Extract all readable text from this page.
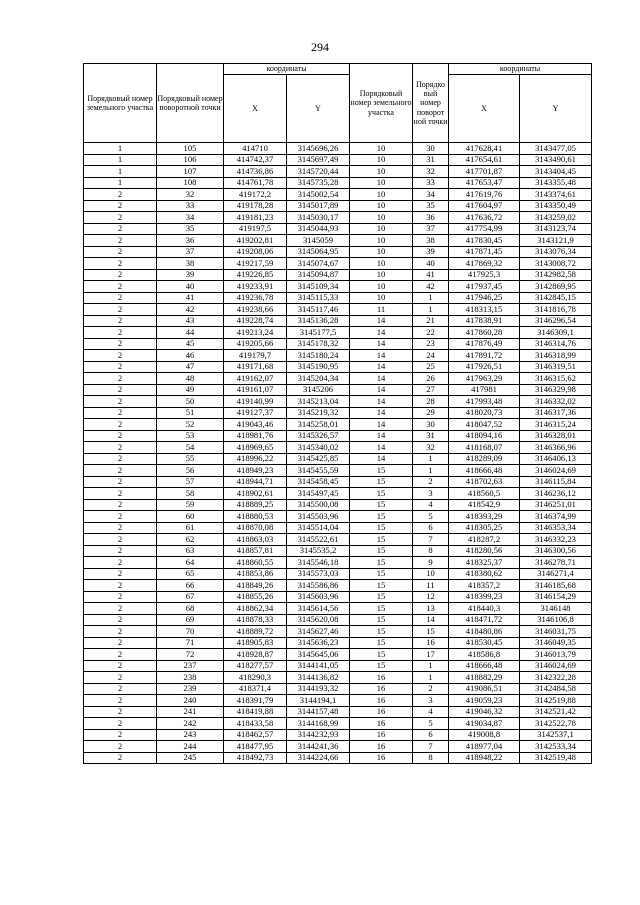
294
Порядковый номер земельного участка	Порядковый номер поворотной точки	координаты		Порядковый номер земельного участка	Порядко вый номер поворот ной точки	координаты	
		X	Y			X	Y
1	105	414710	3145696,26	10	30	417628,41	3143477,05
1	106	414742,37	3145697,49	10	31	417654,61	3143490,61
1	107	414736,86	3145720,44	10	32	417701,87	3143404,45
1	108	414761,78	3145735,28	10	33	417653,47	3143355,48
2	32	419172,2	3145002,54	10	34	417619,76	3143374,61
2	33	419178,28	3145017,89	10	35	417604,97	3143350,49
2	34	419181,23	3145030,17	10	36	417636,72	3143259,02
2	35	419197,5	3145044,93	10	37	417754,99	3143123,74
2	36	419202,81	3145059	10	38	417830,45	3143121,9
2	37	419208,06	3145064,95	10	39	417871,45	3143076,34
2	38	419217,59	3145074,67	10	40	417869,32	3143008,72
2	39	419226,85	3145094,87	10	41	417925,3	3142982,58
2	40	419233,91	3145109,34	10	42	417937,45	3142869,95
2	41	419236,78	3145115,33	10	1	417946,25	3142845,15
2	42	419238,66	3145117,46	11	1	418313,15	3141816,78
2	43	419228,74	3145136,28	14	21	417838,91	3146296,54
2	44	419213,24	3145177,5	14	22	417860,28	3146309,1
2	45	419205,66	3145178,32	14	23	417876,49	3146314,76
2	46	419179,7	3145180,24	14	24	417891,72	3146318,99
2	47	419171,68	3145190,95	14	25	417926,51	3146319,51
2	48	419162,07	3145204,34	14	26	417963,29	3146315,62
2	49	419161,07	3145206	14	27	417981	3146329,98
2	50	419140,99	3145213,04	14	28	417993,48	3146332,02
2	51	419127,37	3145219,32	14	29	418020,73	3146317,36
2	52	419043,46	3145258,01	14	30	418047,52	3146315,24
2	53	418981,76	3145326,57	14	31	418094,16	3146328,01
2	54	418969,65	3145340,02	14	32	418168,07	3146366,96
2	55	418996,22	3145425,85	14	1	418289,09	3146406,13
2	56	418949,23	3145455,59	15	1	418666,48	3146024,69
2	57	418944,71	3145458,45	15	2	418702,63	3146115,84
2	58	418902,61	3145497,45	15	3	418560,5	3146236,12
2	59	418889,25	3145500,08	15	4	418542,9	3146251,01
2	60	418880,53	3145503,96	15	5	418393,29	3146374,99
2	61	418870,08	3145514,04	15	6	418305,25	3146353,34
2	62	418863,03	3145522,61	15	7	418287,2	3146332,23
2	63	418857,81	3145535,2	15	8	418280,56	3146300,56
2	64	418860,55	3145546,18	15	9	418325,37	3146278,71
2	65	418853,86	3145573,03	15	10	418380,62	3146271,4
2	66	418849,26	3145586,86	15	11	418357,2	3146185,68
2	67	418855,26	3145603,96	15	12	418399,23	3146154,29
2	68	418862,34	3145614,56	15	13	418440,3	3146148
2	69	418878,33	3145620,08	15	14	418471,72	3146106,8
2	70	418889,72	3145627,46	15	15	418480,86	3146031,75
2	71	418905,83	3145636,23	15	16	418530,45	3146049,35
2	72	418928,87	3145645,06	15	17	418586,8	3146013,79
2	237	418277,57	3144141,05	15	1	418666,48	3146024,69
2	238	418290,3	3144136,82	16	1	418882,29	3142322,28
2	239	418371,4	3144193,32	16	2	419086,51	3142484,58
2	240	418391,79	3144194,1	16	3	419059,23	3142519,88
2	241	418419,88	3144157,48	16	4	419046,32	3142521,42
2	242	418433,58	3144168,99	16	5	419034,87	3142522,78
2	243	418462,57	3144232,93	16	6	419008,8	3142537,1
2	244	418477,95	3144241,36	16	7	418977,04	3142533,34
2	245	418492,73	3144224,66	16	8	418948,22	3142519,48
